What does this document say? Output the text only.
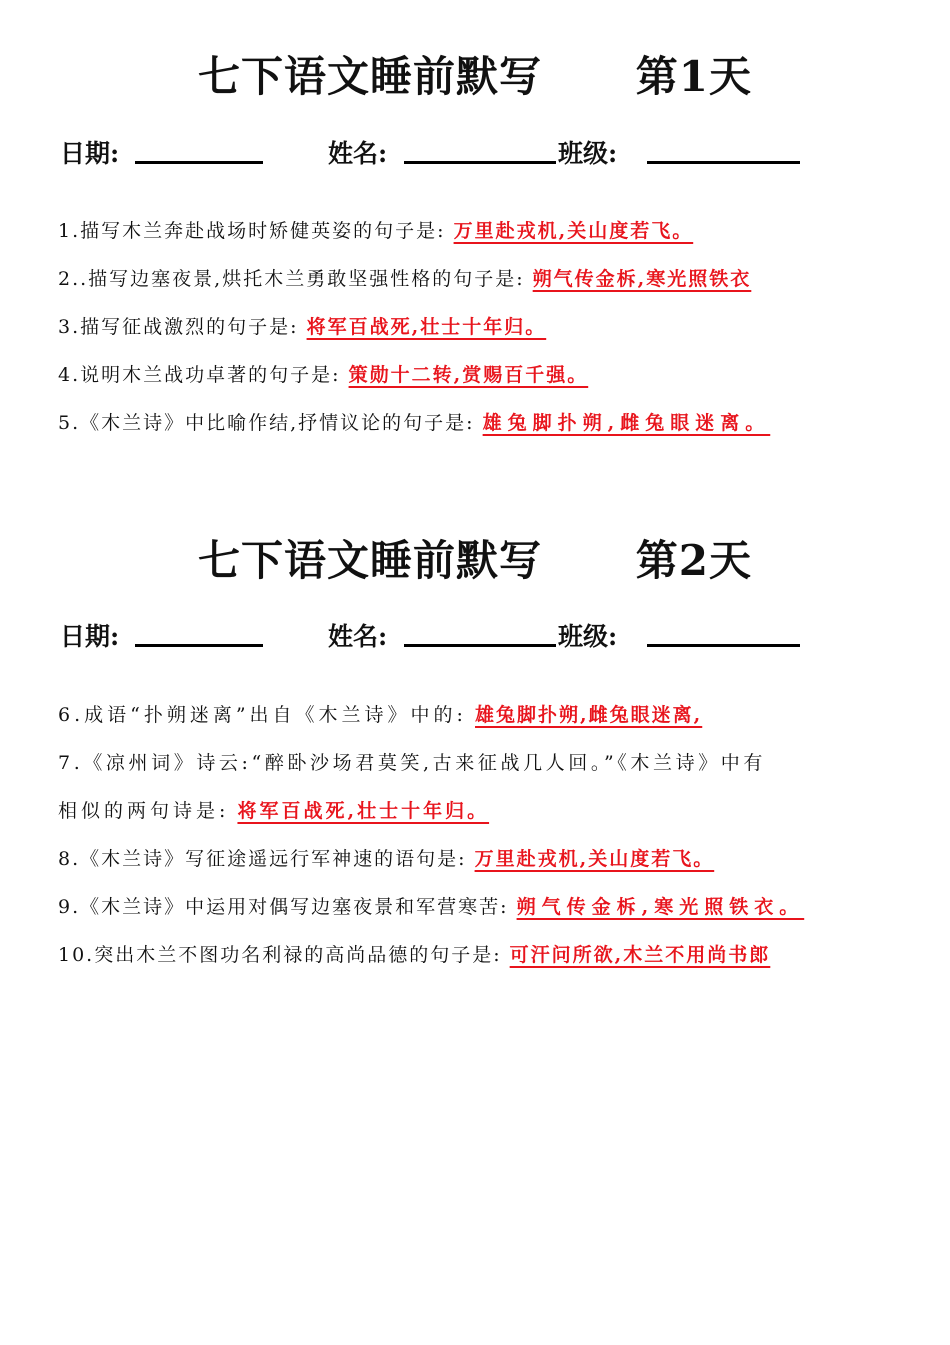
七下语文睡前默写      第1天
日期:	姓名:	班级:
1.描写木兰奔赴战场时矫健英姿的句子是: 万里赴戎机,关山度若飞。
2..描写边塞夜景,烘托木兰勇敢坚强性格的句子是: 朔气传金柝,寒光照铁衣
3.描写征战激烈的句子是: 将军百战死,壮士十年归。
4.说明木兰战功卓著的句子是: 策勋十二转,赏赐百千强。
5.《木兰诗》中比喻作结,抒情议论的句子是: 雄兔脚扑朔,雌兔眼迷离。
七下语文睡前默写      第2天
日期:	姓名:	班级:
6.成语“扑朔迷离”出自《木兰诗》中的: 雄兔脚扑朔,雌兔眼迷离,
7.《凉州词》诗云:“醉卧沙场君莫笑,古来征战几人回。”《木兰诗》中有
相似的两句诗是: 将军百战死,壮士十年归。
8.《木兰诗》写征途遥远行军神速的语句是: 万里赴戎机,关山度若飞。
9.《木兰诗》中运用对偶写边塞夜景和军营寒苦: 朔气传金柝,寒光照铁衣。
10.突出木兰不图功名利禄的高尚品德的句子是: 可汗问所欲,木兰不用尚书郎
